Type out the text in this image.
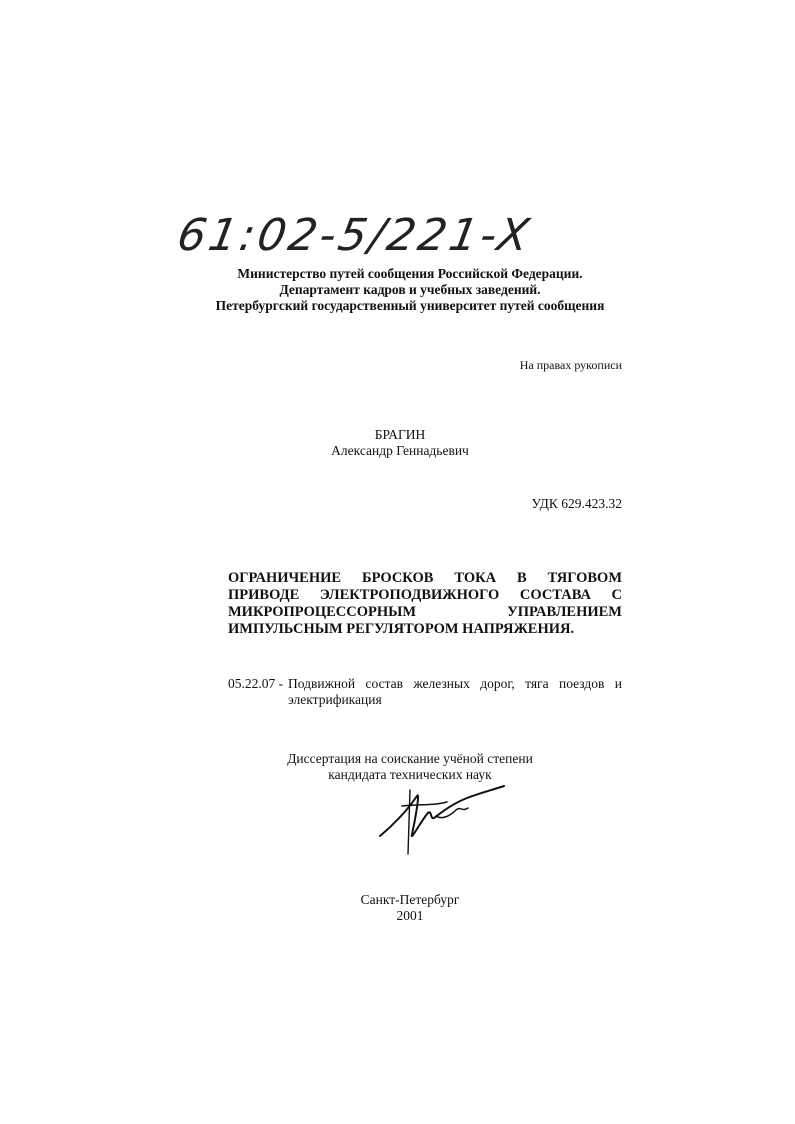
61:02-5/221-X
Министерство путей сообщения Российской Федерации.
Департамент кадров и учебных заведений.
Петербургский государственный университет путей сообщения
На правах рукописи
БРАГИН
Александр Геннадьевич
УДК 629.423.32
ОГРАНИЧЕНИЕ БРОСКОВ ТОКА В ТЯГОВОМ
ПРИВОДЕ ЭЛЕКТРОПОДВИЖНОГО СОСТАВА С
МИКРОПРОЦЕССОРНЫМ УПРАВЛЕНИЕМ
ИМПУЛЬСНЫМ РЕГУЛЯТОРОМ НАПРЯЖЕНИЯ.
05.22.07 - Подвижной состав железных дорог, тяга поездов и электрификация
Диссертация на соискание учёной степени
кандидата технических наук
Санкт-Петербург
2001
